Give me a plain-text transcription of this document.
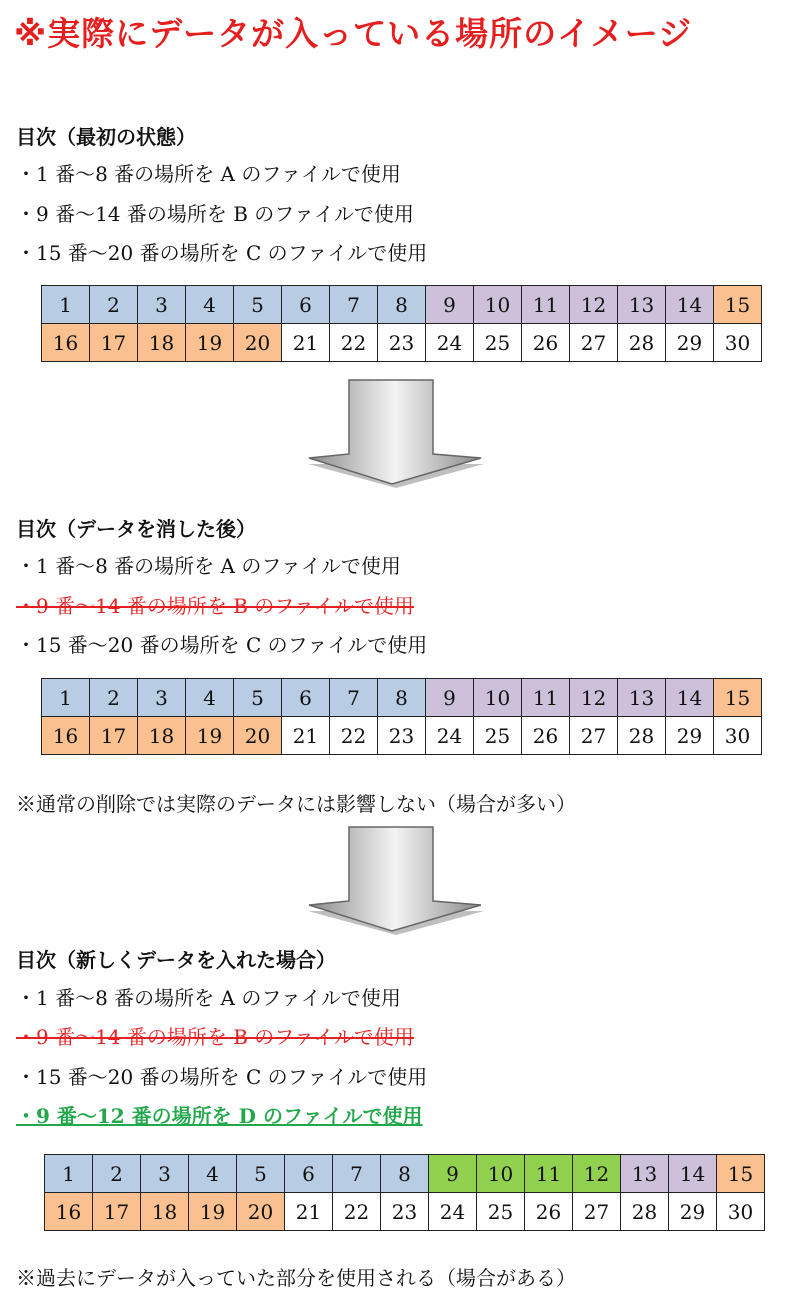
※実際にデータが入っている場所のイメージ
目次（最初の状態）
・1 番〜8 番の場所を A のファイルで使用
・9 番〜14 番の場所を B のファイルで使用
・15 番〜20 番の場所を C のファイルで使用
1	2	3	4	5	6	7	8	9	10	11	12	13	14	15
16	17	18	19	20	21	22	23	24	25	26	27	28	29	30
目次（データを消した後）
・1 番〜8 番の場所を A のファイルで使用
・9 番〜14 番の場所を B のファイルで使用
・15 番〜20 番の場所を C のファイルで使用
1	2	3	4	5	6	7	8	9	10	11	12	13	14	15
16	17	18	19	20	21	22	23	24	25	26	27	28	29	30
※通常の削除では実際のデータには影響しない（場合が多い）
目次（新しくデータを入れた場合）
・1 番〜8 番の場所を A のファイルで使用
・9 番〜14 番の場所を B のファイルで使用
・15 番〜20 番の場所を C のファイルで使用
・9 番〜12 番の場所を D のファイルで使用
1	2	3	4	5	6	7	8	9	10	11	12	13	14	15
16	17	18	19	20	21	22	23	24	25	26	27	28	29	30
※過去にデータが入っていた部分を使用される（場合がある）
